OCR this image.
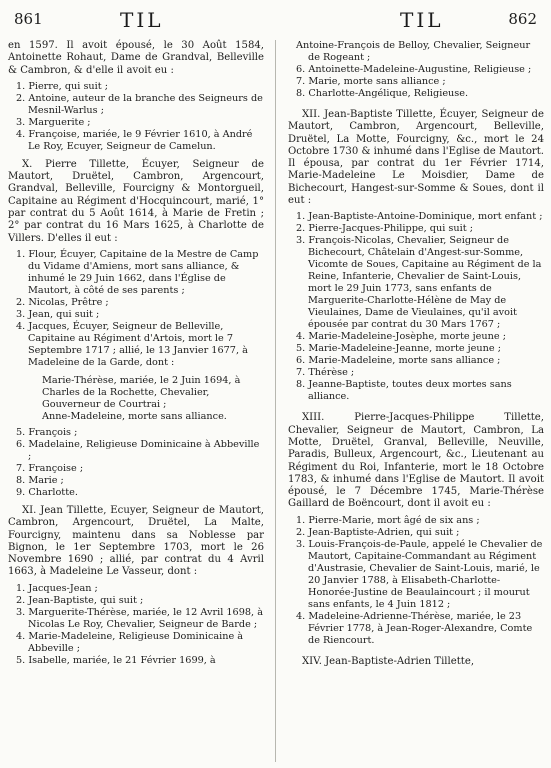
861	TIL	TIL	862

en 1597. Il avoit épousé, le 30 Août 1584, Antoinette Rohaut, Dame de Grandval, Belleville & Cambron, & d'elle il avoit eu :

1. Pierre, qui suit ;
2. Antoine, auteur de la branche des Seigneurs de Mesnil-Warlus ;
3. Marguerite ;
4. Françoise, mariée, le 9 Février 1610, à André Le Roy, Ecuyer, Seigneur de Camelun.

X. Pierre Tillette, Écuyer, Seigneur de Mautort, Druëtel, Cambron, Argencourt, Grandval, Belleville, Fourcigny & Montorgueil, Capitaine au Régiment d'Hocquincourt, marié, 1° par contrat du 5 Août 1614, à Marie de Fretin ; 2° par contrat du 16 Mars 1625, à Charlotte de Villers. D'elles il eut :

1. Flour, Écuyer, Capitaine de la Mestre de Camp du Vidame d'Amiens, mort sans alliance, & inhumé le 29 Juin 1662, dans l'Église de Mautort, à côté de ses parents ;
2. Nicolas, Prêtre ;
3. Jean, qui suit ;
4. Jacques, Écuyer, Seigneur de Belleville, Capitaine au Régiment d'Artois, mort le 7 Septembre 1717 ; allié, le 13 Janvier 1677, à Madeleine de la Garde, dont :

Marie-Thérèse, mariée, le 2 Juin 1694, à Charles de la Rochette, Chevalier, Gouverneur de Courtrai ;

Anne-Madeleine, morte sans alliance.

5. François ;
6. Madelaine, Religieuse Dominicaine à Abbeville ;
7. Françoise ;
8. Marie ;
9. Charlotte.

XI. Jean Tillette, Ecuyer, Seigneur de Mautort, Cambron, Argencourt, Druëtel, La Malte, Fourcigny, maintenu dans sa Noblesse par Bignon, le 1er Septembre 1703, mort le 26 Novembre 1690 ; allié, par contrat du 4 Avril 1663, à Madeleine Le Vasseur, dont :

1. Jacques-Jean ;
2. Jean-Baptiste, qui suit ;
3. Marguerite-Thérèse, mariée, le 12 Avril 1698, à Nicolas Le Roy, Chevalier, Seigneur de Barde ;
4. Marie-Madeleine, Religieuse Dominicaine à Abbeville ;
5. Isabelle, mariée, le 21 Février 1699, à
Antoine-François de Belloy, Chevalier, Seigneur de Rogeant ;
6. Antoinette-Madeleine-Augustine, Religieuse ;
7. Marie, morte sans alliance ;
8. Charlotte-Angélique, Religieuse.

XII. Jean-Baptiste Tillette, Écuyer, Seigneur de Mautort, Cambron, Argencourt, Belleville, Druëtel, La Motte, Fourcigny, &c., mort le 24 Octobre 1730 & inhumé dans l'Eglise de Mautort. Il épousa, par contrat du 1er Février 1714, Marie-Madeleine Le Moisdier, Dame de Bichecourt, Hangest-sur-Somme & Soues, dont il eut :

1. Jean-Baptiste-Antoine-Dominique, mort enfant ;
2. Pierre-Jacques-Philippe, qui suit ;
3. François-Nicolas, Chevalier, Seigneur de Bichecourt, Châtelain d'Angest-sur-Somme, Vicomte de Soues, Capitaine au Régiment de la Reine, Infanterie, Chevalier de Saint-Louis, mort le 29 Juin 1773, sans enfants de Marguerite-Charlotte-Hélène de May de Vieulaines, Dame de Vieulaines, qu'il avoit épousée par contrat du 30 Mars 1767 ;
4. Marie-Madeleine-Josèphe, morte jeune ;
5. Marie-Madeleine-Jeanne, morte jeune ;
6. Marie-Madeleine, morte sans alliance ;
7. Thérèse ;
8. Jeanne-Baptiste, toutes deux mortes sans alliance.

XIII. Pierre-Jacques-Philippe Tillette, Chevalier, Seigneur de Mautort, Cambron, La Motte, Druëtel, Granval, Belleville, Neuville, Paradis, Bulleux, Argencourt, &c., Lieutenant au Régiment du Roi, Infanterie, mort le 18 Octobre 1783, & inhumé dans l'Eglise de Mautort. Il avoit épousé, le 7 Décembre 1745, Marie-Thérèse Gaillard de Boëncourt, dont il avoit eu :

1. Pierre-Marie, mort âgé de six ans ;
2. Jean-Baptiste-Adrien, qui suit ;
3. Louis-François-de-Paule, appelé le Chevalier de Mautort, Capitaine-Commandant au Régiment d'Austrasie, Chevalier de Saint-Louis, marié, le 20 Janvier 1788, à Elisabeth-Charlotte-Honorée-Justine de Beaulaincourt ; il mourut sans enfants, le 4 Juin 1812 ;
4. Madeleine-Adrienne-Thérèse, mariée, le 23 Février 1778, à Jean-Roger-Alexandre, Comte de Riencourt.

XIV. Jean-Baptiste-Adrien Tillette,
